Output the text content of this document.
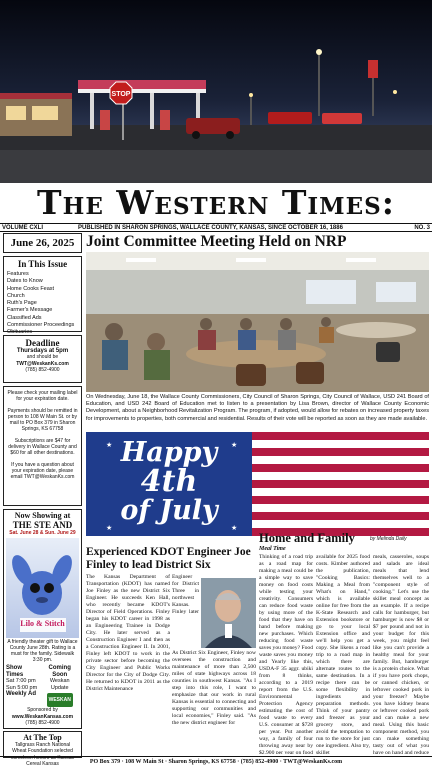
STOP
The Western Times:
VOLUME CXLI	PUBLISHED IN SHARON SPRINGS, WALLACE COUNTY, KANSAS, SINCE OCTOBER 16, 1886	NO. 3
June 26, 2025
In This Issue
Features
Dates to Know
Home Cooks Feast
Church
Ruth's Page
Farmer's Message
Classified Ads
Commissioner Proceedings
Obituaries
Deadline
Thursdays at 5pm
and should be
TWT@WeskanKs.com
(785) 852-4900

Please check your mailing label for your expiration date.

Payments should be remitted in person to 108 W Main St. or by mail to PO Box 379 in Sharon Springs, KS 67758

Subscriptions are $47 for delivery in Wallace County and $60 for all other destinations.

If you have a question about your expiration date, please email TWT@WeskanKs.com

Now Showing at
THE STE AND
Sat. June 28 & Sun. June 29
Lilo & Stitch
A friendly theater gift to Wallace County June 28th. Rating is a must for the family. Sidewalk 3:30 pm.
Show Times
Sat 7:00 pm
Sun 5:00 pm
Weekly Ad
Coming Soon
Weskan Update

WESKAN
Sponsored by
www.WeskanKansas.com
(785) 852-4900
At The Top
Tallgrass Ranch National Wheat Foundation selected comeleon honors as Kansas Cereal Kansas
Joint Committee Meeting Held on NRP
On Wednesday, June 18, the Wallace County Commissioners, City Council of Sharon Springs, City Council of Wallace, USD 241 Board of Education, and USD 242 Board of Education met to listen to a presentation by Lisa Brown, director of Wallace County Economic Development, about a Neighborhood Revitalization Program. The program, if adopted, would allow for rebates on increased property taxes for improvements to properties, both commercial and residential. Results of their vote will be reported as soon as they are made available.
★	★
★	★
Happy
4th
of July
Experienced KDOT Engineer Joe Finley to lead District Six
The Kansas Department of Transportation (KDOT) has named Joe Finley as the new District Six Engineer. He succeeds Ken Hall, who recently became KDOT's Director of Field Operations. Finley began his KDOT career in 1998 as an Engineering Trainee in Dodge City. He later served as a Construction Engineer I and then as a Construction Engineer II. In 2001, Finley left KDOT to work in the private sector before becoming the City Engineer and Public Works Director for the City of Dodge City. He returned to KDOT in 2011 as the District Maintenance
Engineer for District Three in northwest Kansas. Finley later
As District Six Engineer, Finley now oversees the construction and maintenance of more than 2,500 miles of state highways across 18 counties in southwest Kansas. "As I step into this role, I want to emphasize that our work in rural Kansas is essential to connecting and supporting our communities and local economies," Finley said. "As the new district engineer for
Home and Family	by Melinda Daily
Meal Time
Thinking of a road trip as a road map for making a meal could be a simple way to save money on food costs while testing your creativity. Consumers can reduce food waste by using more of the food that they have on hand before making new purchases. Which reducing food waste saves you money? Food waste saves you money and Yearly like this, USDA-F 35 aggr. ubiki from 8 thinks, according to a 2019 report from the U.S. Environmental Protection Agency estimating the cost of food waste to every U.S. consumer at $728 per year. Put another way, a family of four throwing away near by $2,900 per year on food
available for 2025 food costs. Kimber authored the publication, "Cooking Basics: Making a Meal from What's on Hand," which is available online for free from the K-State Research and Extension bookstore or go to your local Extension office and we'll help you get a copy. She likens a road trip to a road map in which there are alternate routes to the same destination. In a recipe there can be some flexibility in ingredients and preparation methods. Think of your pantry and freezer as your grocery store, and avoid the temptation to run to the store for just one ingredient. Also try, skillet
meals, casseroles, soups and salads are ideal meals that lend themselves well to a "component style of cooking." Let's use the skillet meal concept as an example. If a recipe calls for hamburger, but hamburger is now $8 or $7 per pound and not in your budget for this week, you might feel like you can't provide a healthy meal for your family. But, hamburger is a protein choice. What if you have pork chops, or canned chicken, or leftover cooked pork in your freezer? Maybe you have kidney beans or leftover cooked pork and can make a new meal. Using this basic component method, you can make something tasty out of what you have on hand and reduce
PO Box 379 · 108 W Main St · Sharon Springs, KS 67758 · (785) 852-4900 · TWT@WeskanKs.com
